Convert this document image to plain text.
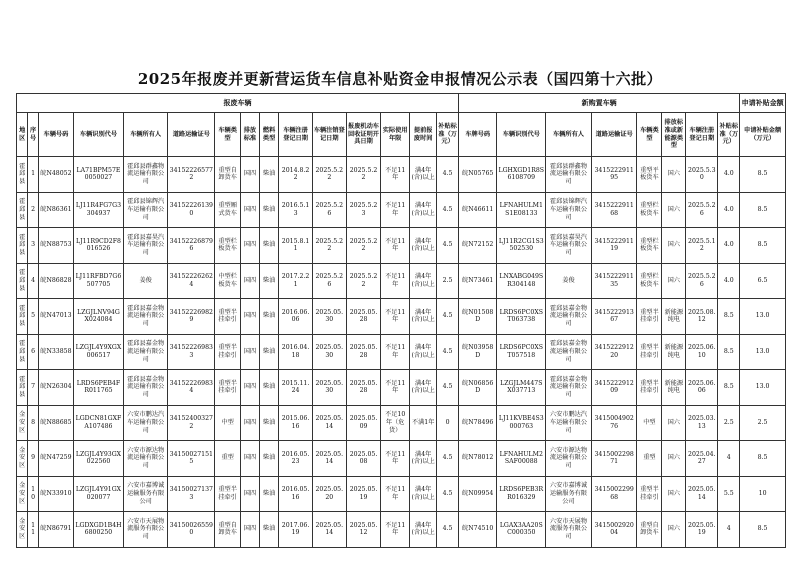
2025年报废并更新营运货车信息补贴资金申报情况公示表（国四第十六批）
报废车辆															新购置车辆								申请补贴金额
地区	序号	车辆号码	车辆识别代号	车辆所有人	道路运输证号	车辆类型	排放标准	燃料类型	车辆注册登记日期	车辆注销登记日期	报废机动车回收证明开具日期	实际使用年限	提前报废时间	补贴标准（万元）	车牌号码	车辆识别代号	车辆所有人	道路运输证号	车辆类型	排放标准或新能源类型	车辆注册登记日期	补贴标准（万元）	申请补贴金额（万元）
霍邱县	1	皖N48052	LA71BPM57E0050027	霍邱县群鑫物流运输有限公司	341522265772	重型自卸货车	国四	柴油	2014.8.22	2025.5.22	2025.5.22	不足11年	满4年(含)以上	4.5	皖N05765	LGHXGD1R8S6108709	霍邱县群鑫物流运输有限公司	341522291195	重型平板货车	国六	2025.5.30	4.0	8.5
霍邱县	2	皖N86361	LJ11R4FG7G3304937	霍邱县锦辉汽车运输有限公司	341522261390	重型厢式货车	国四	柴油	2016.5.13	2025.5.26	2025.5.23	不足11年	满4年(含)以上	4.5	皖N46611	LFNAHULM1S1E08133	霍邱县锦辉汽车运输有限公司	341522291168	重型栏板货车	国六	2025.5.26	4.0	8.5
霍邱县	3	皖N88753	LJ11R9CD2F8016526	霍邱县嘉昊汽车运输有限公司	341522268796	重型栏板货车	国四	柴油	2015.8.11	2025.5.22	2025.5.22	不足11年	满4年(含)以上	4.5	皖N72152	LJ11R2CG1S3502530	霍邱县嘉昊汽车运输有限公司	341522291119	重型栏板货车	国六	2025.5.12	4.0	8.5
霍邱县	4	皖N86828	LJ11RFBD7G6507705	姜俊	341522262624	中型栏板货车	国四	柴油	2017.2.21	2025.5.26	2025.5.22	不足11年	满4年(含)以上	2.5	皖N73461	LNXABG049SR304148	姜俊	341522291135	重型栏板货车	国六	2025.5.26	4.0	6.5
霍邱县	5	皖N47013	LZGJLNV94GX024084	霍邱县嘉金物流运输有限公司	341522269829	重型半挂牵引	国四	柴油	2016.06.06	2025.05.30	2025.05.28	不足11年	满4年(含)以上	4.5	皖N01508D	LRDS6PC0XST063738	霍邱县嘉金物流运输有限公司	341522291367	重型半挂牵引	新能源纯电	2025.08.12	8.5	13.0
霍邱县	6	皖N33858	LZGJL4Y9XGX006517	霍邱县嘉金物流运输有限公司	341522269833	重型半挂牵引	国四	柴油	2016.04.18	2025.05.30	2025.05.28	不足11年	满4年(含)以上	4.5	皖N03958D	LRDS6PC0XST057518	霍邱县嘉金物流运输有限公司	341522291220	重型半挂牵引	新能源纯电	2025.06.10	8.5	13.0
霍邱县	7	皖N26304	LRDS6PEB4FR011765	霍邱县嘉金物流运输有限公司	341522269834	重型半挂牵引	国四	柴油	2015.11.24	2025.05.30	2025.05.28	不足11年	满4年(含)以上	4.5	皖N06856D	LZGJLM447SX037713	霍邱县嘉金物流运输有限公司	341522291209	重型半挂牵引	新能源纯电	2025.06.06	8.5	13.0
金安区	8	皖N88685	LGDCN81GXFA107486	六安市鹏达汽车运输有限公司	341524003272	中型	国四	柴油	2015.06.16	2025.05.14	2025.05.09	不足10年（危货）	不满1年	0	皖N78496	LJ11KVBE4S3000763	六安市鹏达汽车运输有限公司	341500490276	中型	国六	2025.03.13	2.5	2.5
金安区	9	皖N47259	LZGJL4Y93GX022560	六安市源达物流运输有限公司	341500271515	重型	国四	柴油	2016.05.23	2025.05.14	2025.05.08	不足11年	满4年(含)以上	4.5	皖N78012	LFNAHULM2SAF00088	六安市源达物流运输有限公司	341500229871	重型	国六	2025.04.27	4	8.5
金安区	10	皖N33910	LZGJL4Y91GX020077	六安市嘉博诚运输服务有限公司	341500271373	重型半挂牵引	国四	柴油	2016.05.16	2025.05.20	2025.05.19	不足11年	满4年(含)以上	4.5	皖N09954	LRDS6PEB3RR016329	六安市嘉博诚运输服务有限公司	341500229968	重型半挂牵引	国六	2025.05.14	5.5	10
金安区	11	皖N86791	LGDXGD1B4H6800250	六安市天展物流服务有限公司	341500265590	重型自卸货车	国四	柴油	2017.06.19	2025.05.14	2025.05.12	不足11年	满4年(含)以上	4.5	皖N74510	LGAX3AA20SC000350	六安市天展物流服务有限公司	341500292004	重型自卸货车	国六	2025.05.19	4	8.5
